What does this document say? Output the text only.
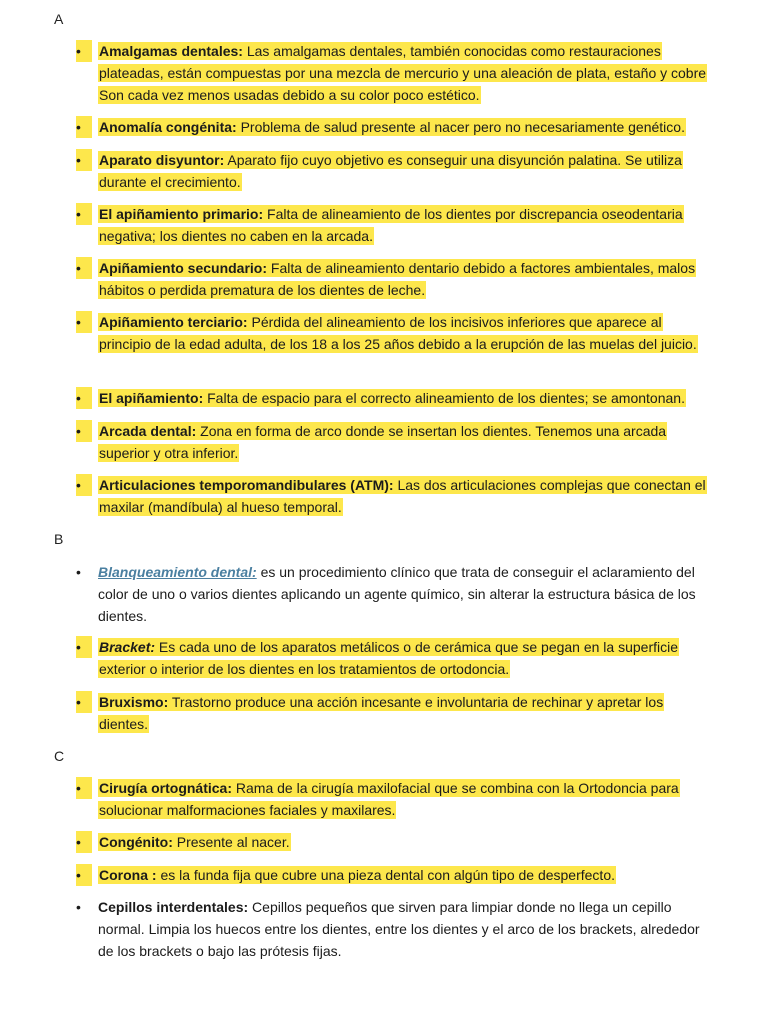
A
•	Amalgamas dentales: Las amalgamas dentales, también conocidas como restauraciones plateadas, están compuestas por una mezcla de mercurio y una aleación de plata, estaño y cobre Son cada vez menos usadas debido a su color poco estético.
•	Anomalía congénita: Problema de salud presente al nacer pero no necesariamente genético.
•	Aparato disyuntor: Aparato fijo cuyo objetivo es conseguir una disyunción palatina. Se utiliza durante el crecimiento.
•	El apiñamiento primario: Falta de alineamiento de los dientes por discrepancia oseodentaria negativa; los dientes no caben en la arcada.
•	Apiñamiento secundario: Falta de alineamiento dentario debido a factores ambientales, malos hábitos o perdida prematura de los dientes de leche.
•	Apiñamiento terciario: Pérdida del alineamiento de los incisivos inferiores que aparece al principio de la edad adulta, de los 18 a los 25 años debido a la erupción de las muelas del juicio.
•	El apiñamiento: Falta de espacio para el correcto alineamiento de los dientes; se amontonan.
•	Arcada dental: Zona en forma de arco donde se insertan los dientes. Tenemos una arcada superior y otra inferior.
•	Articulaciones temporomandibulares (ATM): Las dos articulaciones complejas que conectan el maxilar (mandíbula) al hueso temporal.
B
•	Blanqueamiento dental: es un procedimiento clínico que trata de conseguir el aclaramiento del color de uno o varios dientes aplicando un agente químico, sin alterar la estructura básica de los dientes.
•	Bracket: Es cada uno de los aparatos metálicos o de cerámica que se pegan en la superficie exterior o interior de los dientes en los tratamientos de ortodoncia.
•	Bruxismo: Trastorno produce una acción incesante e involuntaria de rechinar y apretar los dientes.
C
•	Cirugía ortognática: Rama de la cirugía maxilofacial que se combina con la Ortodoncia para solucionar malformaciones faciales y maxilares.
•	Congénito: Presente al nacer.
•	Corona : es la funda fija que cubre una pieza dental con algún tipo de desperfecto.
•	Cepillos interdentales: Cepillos pequeños que sirven para limpiar donde no llega un cepillo normal. Limpia los huecos entre los dientes, entre los dientes y el arco de los brackets, alrededor de los brackets o bajo las prótesis fijas.
